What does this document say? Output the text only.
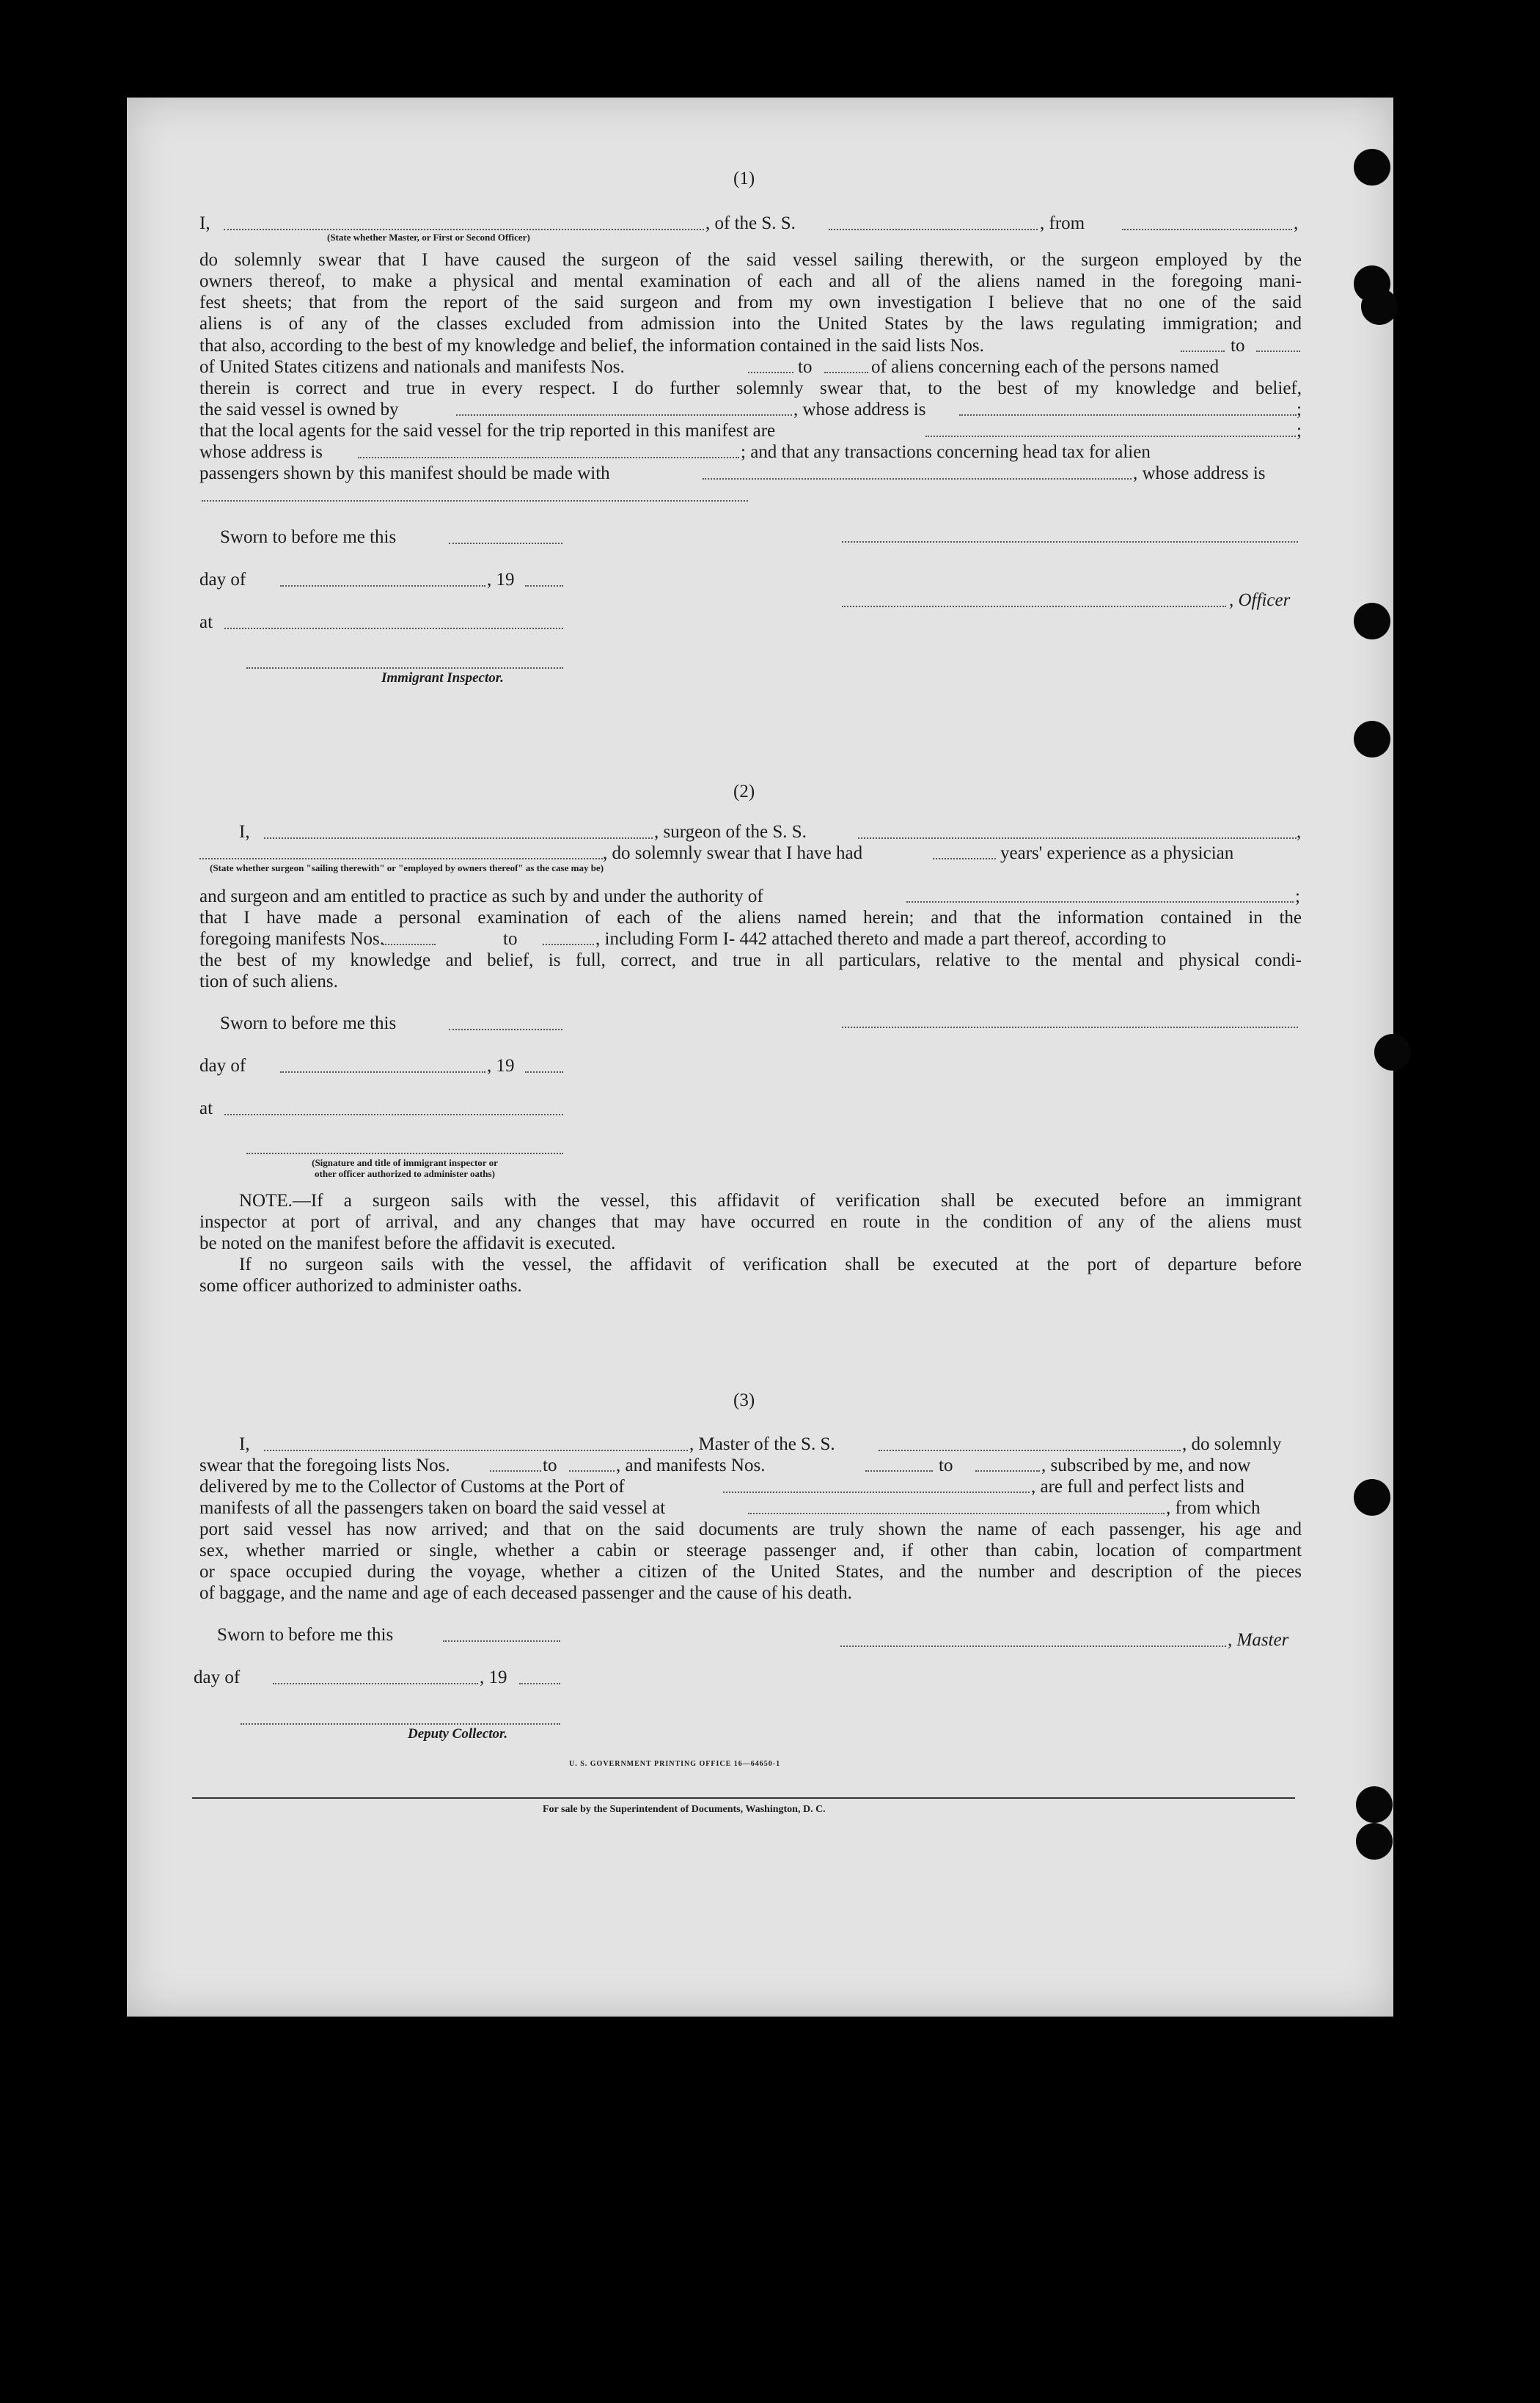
(1)
I,	, of the S. S.	, from	,
(State whether Master, or First or Second Officer)
do solemnly swear that I have caused the surgeon of the said vessel sailing therewith, or the surgeon employed by the
owners thereof, to make a physical and mental examination of each and all of the aliens named in the foregoing mani-
fest sheets; that from the report of the said surgeon and from my own investigation I believe that no one of the said
aliens is of any of the classes excluded from admission into the United States by the laws regulating immigration; and
that also, according to the best of my knowledge and belief, the information contained in the said lists Nos.	to
of United States citizens and nationals and manifests Nos.	to	of aliens concerning each of the persons named
therein is correct and true in every respect. I do further solemnly swear that, to the best of my knowledge and belief,
the said vessel is owned by	, whose address is	;
that the local agents for the said vessel for the trip reported in this manifest are	;
whose address is	; and that any transactions concerning head tax for alien
passengers shown by this manifest should be made with	, whose address is
Sworn to before me this
day of	, 19
, Officer
at
Immigrant Inspector.
(2)
I,	, surgeon of the S. S.	,
, do solemnly swear that I have had	years' experience as a physician
(State whether surgeon "sailing therewith" or "employed by owners thereof" as the case may be)
and surgeon and am entitled to practice as such by and under the authority of	;
that I have made a personal examination of each of the aliens named herein; and that the information contained in the
foregoing manifests Nos.	to	, including Form I- 442 attached thereto and made a part thereof, according to
the best of my knowledge and belief, is full, correct, and true in all particulars, relative to the mental and physical condi-
tion of such aliens.
Sworn to before me this
day of	, 19
at
(Signature and title of immigrant inspector or
other officer authorized to administer oaths)
NOTE.—If a surgeon sails with the vessel, this affidavit of verification shall be executed before an immigrant
inspector at port of arrival, and any changes that may have occurred en route in the condition of any of the aliens must
be noted on the manifest before the affidavit is executed.
If no surgeon sails with the vessel, the affidavit of verification shall be executed at the port of departure before
some officer authorized to administer oaths.
(3)
I,	, Master of the S. S.	, do solemnly
swear that the foregoing lists Nos.	to	, and manifests Nos.	to	, subscribed by me, and now
delivered by me to the Collector of Customs at the Port of	, are full and perfect lists and
manifests of all the passengers taken on board the said vessel at	, from which
port said vessel has now arrived; and that on the said documents are truly shown the name of each passenger, his age and
sex, whether married or single, whether a cabin or steerage passenger and, if other than cabin, location of compartment
or space occupied during the voyage, whether a citizen of the United States, and the number and description of the pieces
of baggage, and the name and age of each deceased passenger and the cause of his death.
Sworn to before me this	, Master
day of	, 19
Deputy Collector.
U. S. GOVERNMENT PRINTING OFFICE 16—64650-1
For sale by the Superintendent of Documents, Washington, D. C.
